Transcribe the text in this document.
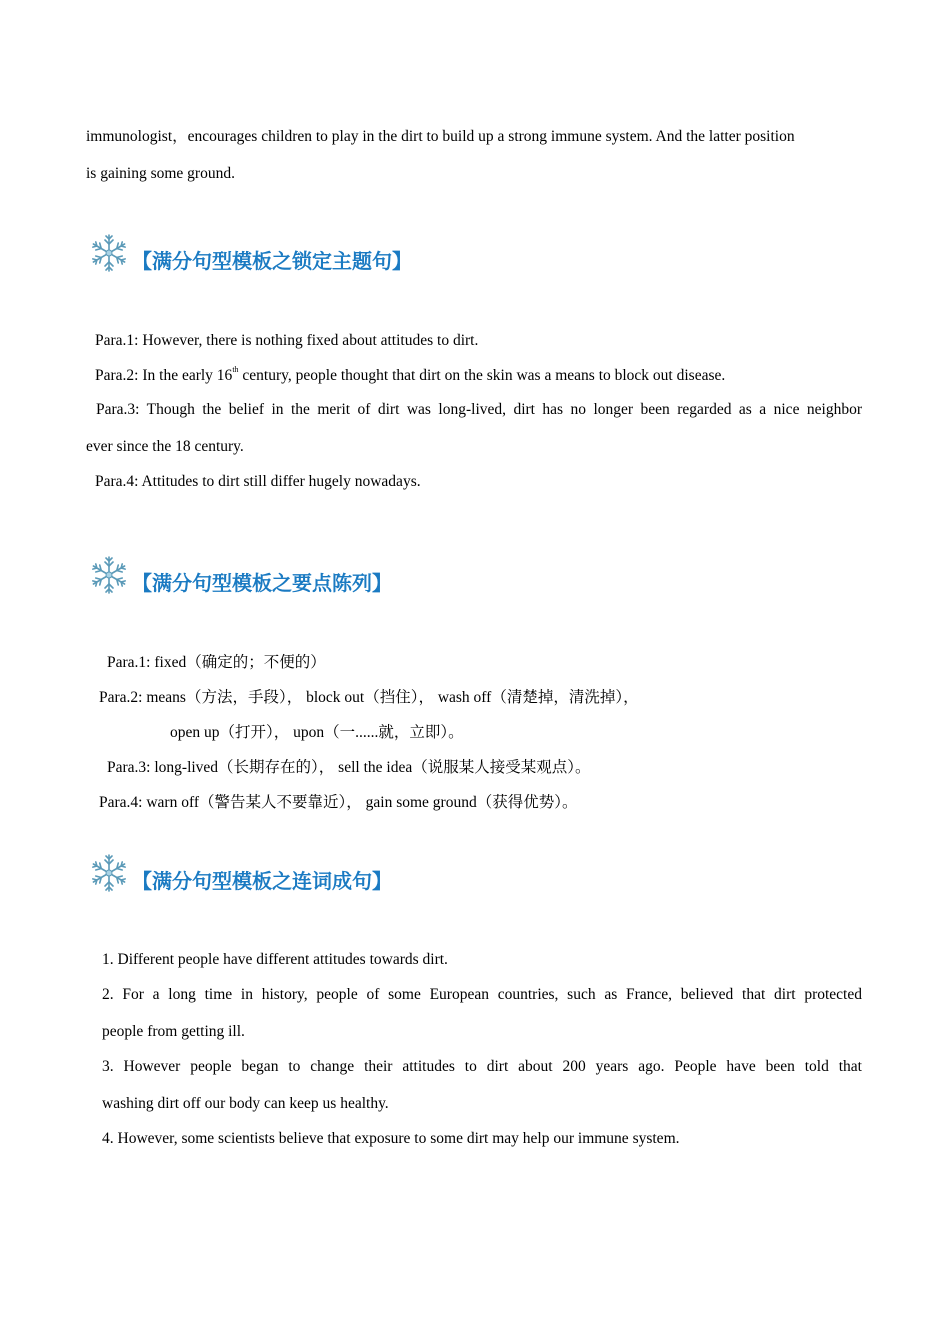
immunologist，encourages children to play in the dirt to build up a strong immune system. And the latter position
is gaining some ground.
【满分句型模板之锁定主题句】
Para.1: However, there is nothing fixed about attitudes to dirt.
Para.2: In the early 16th century, people thought that dirt on the skin was a means to block out disease.
Para.3: Though the belief in the merit of dirt was long-lived, dirt has no longer been regarded as a nice neighbor
ever since the 18 century.
Para.4: Attitudes to dirt still differ hugely nowadays.
【满分句型模板之要点陈列】
Para.1: fixed（确定的；不便的）
Para.2: means（方法，手段）， block out（挡住）， wash off（清楚掉，清洗掉），
open up（打开）， upon（一......就，立即）。
Para.3: long-lived（长期存在的）， sell the idea（说服某人接受某观点）。
Para.4: warn off（警告某人不要靠近）， gain some ground（获得优势）。
【满分句型模板之连词成句】
1. Different people have different attitudes towards dirt.
2. For a long time in history, people of some European countries, such as France, believed that dirt protected
people from getting ill.
3. However people began to change their attitudes to dirt about 200 years ago. People have been told that
washing dirt off our body can keep us healthy.
4. However, some scientists believe that exposure to some dirt may help our immune system.
